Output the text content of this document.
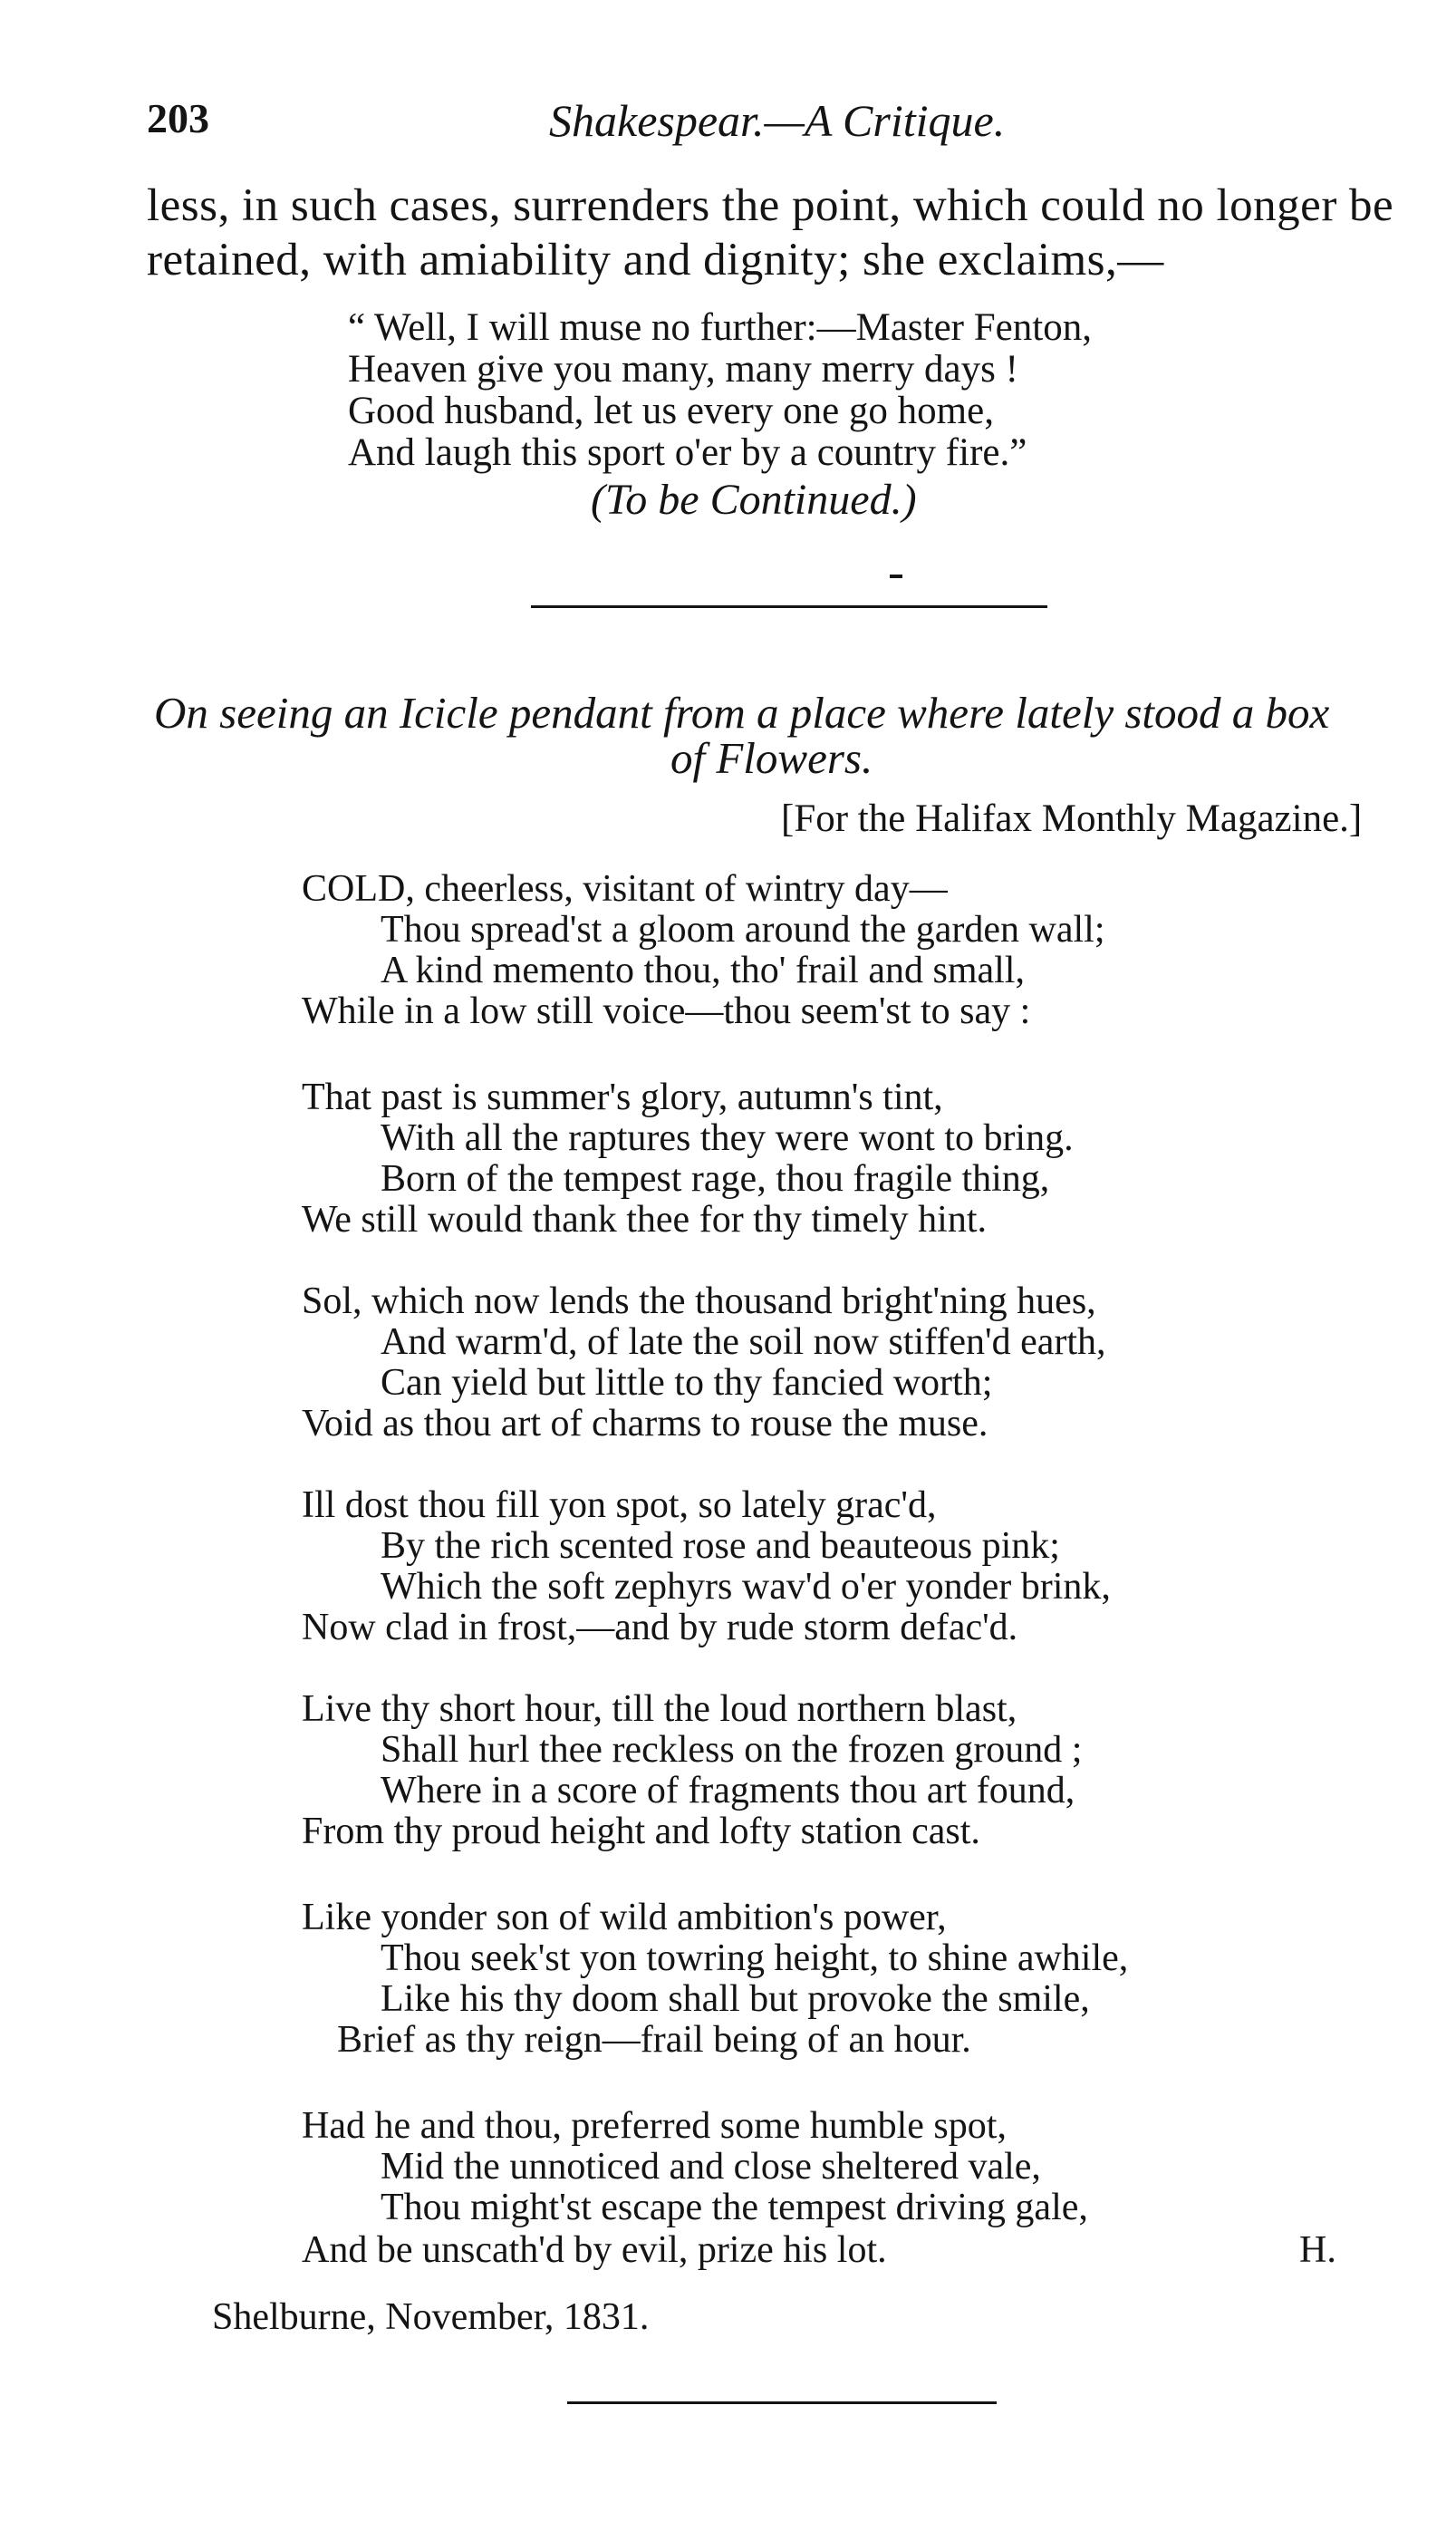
203	Shakespear.—A Critique.
less, in such cases, surrenders the point, which could no longer be
retained, with amiability and dignity; she exclaims,—
“ Well, I will muse no further:—Master Fenton,
Heaven give you many, many merry days !
Good husband, let us every one go home,
And laugh this sport o'er by a country fire.”
(To be Continued.)
On seeing an Icicle pendant from a place where lately stood a box
of Flowers.
[For the Halifax Monthly Magazine.]
COLD, cheerless, visitant of wintry day—
Thou spread'st a gloom around the garden wall;
A kind memento thou, tho' frail and small,
While in a low still voice—thou seem'st to say :
That past is summer's glory, autumn's tint,
With all the raptures they were wont to bring.
Born of the tempest rage, thou fragile thing,
We still would thank thee for thy timely hint.
Sol, which now lends the thousand bright'ning hues,
And warm'd, of late the soil now stiffen'd earth,
Can yield but little to thy fancied worth;
Void as thou art of charms to rouse the muse.
Ill dost thou fill yon spot, so lately grac'd,
By the rich scented rose and beauteous pink;
Which the soft zephyrs wav'd o'er yonder brink,
Now clad in frost,—and by rude storm defac'd.
Live thy short hour, till the loud northern blast,
Shall hurl thee reckless on the frozen ground ;
Where in a score of fragments thou art found,
From thy proud height and lofty station cast.
Like yonder son of wild ambition's power,
Thou seek'st yon towring height, to shine awhile,
Like his thy doom shall but provoke the smile,
Brief as thy reign—frail being of an hour.
Had he and thou, preferred some humble spot,
Mid the unnoticed and close sheltered vale,
Thou might'st escape the tempest driving gale,
And be unscath'd by evil, prize his lot.	H.
Shelburne, November, 1831.
